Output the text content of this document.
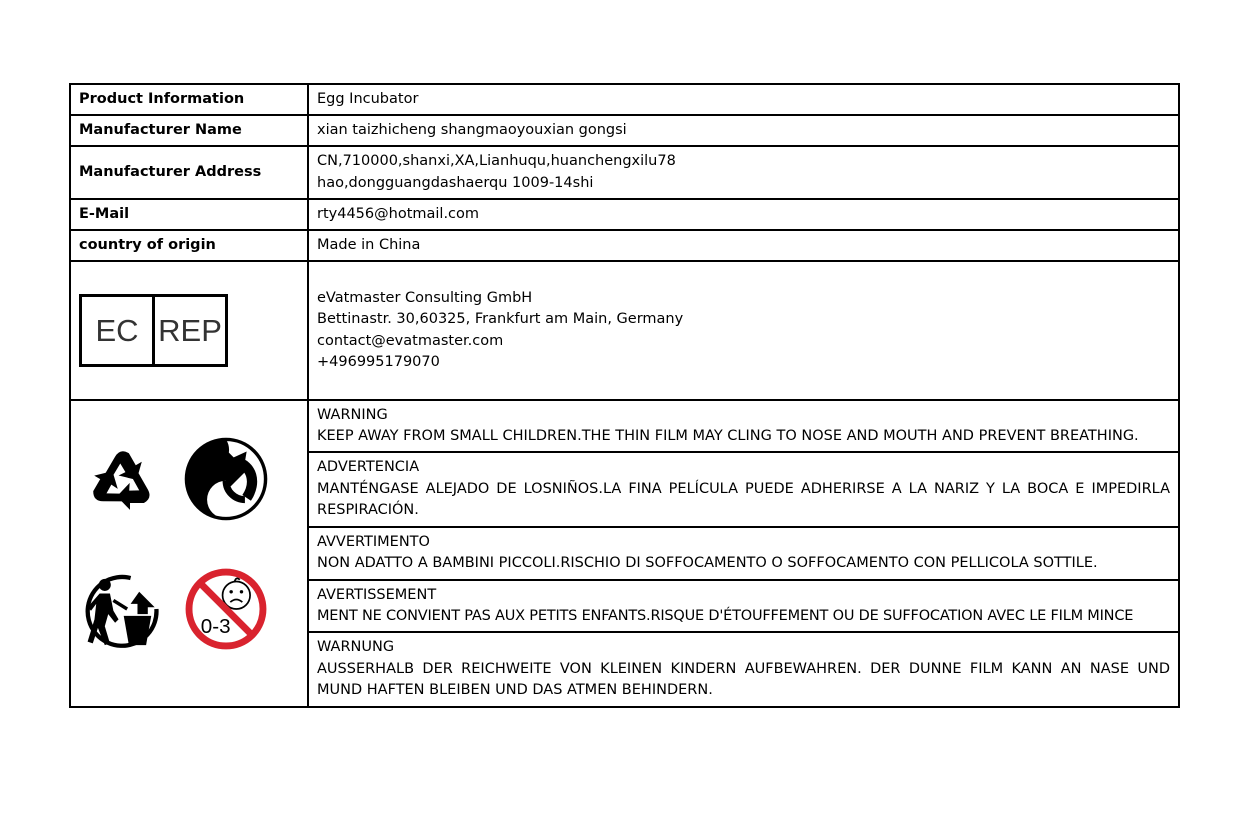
Product Information	Egg Incubator
Manufacturer Name	xian taizhicheng shangmaoyouxian gongsi
Manufacturer Address	CN,710000,shanxi,XA,Lianhuqu,huanchengxilu78
hao,dongguangdashaerqu 1009-14shi

E-Mail	rty4456@hotmail.com
country of origin	Made in China

EC REP	eVatmaster Consulting GmbH
Bettinastr. 30,60325, Frankfurt am Main, Germany
contact@evatmaster.com
+496995179070

0-3	WARNING
KEEP AWAY FROM SMALL CHILDREN.THE THIN FILM MAY CLING TO NOSE AND MOUTH AND PREVENT BREATHING.

	ADVERTENCIA
MANTÉNGASE ALEJADO DE LOSNIÑOS.LA FINA PELÍCULA PUEDE ADHERIRSE A LA NARIZ Y LA BOCA E IMPEDIRLA RESPIRACIÓN.

	AVVERTIMENTO
NON ADATTO A BAMBINI PICCOLI.RISCHIO DI SOFFOCAMENTO O SOFFOCAMENTO CON PELLICOLA SOTTILE.

	AVERTISSEMENT
MENT NE CONVIENT PAS AUX PETITS ENFANTS.RISQUE D'ÉTOUFFEMENT OU DE SUFFOCATION AVEC LE FILM MINCE

	WARNUNG
AUSSERHALB DER REICHWEITE VON KLEINEN KINDERN AUFBEWAHREN. DER DUNNE FILM KANN AN NASE UND MUND HAFTEN BLEIBEN UND DAS ATMEN BEHINDERN.
